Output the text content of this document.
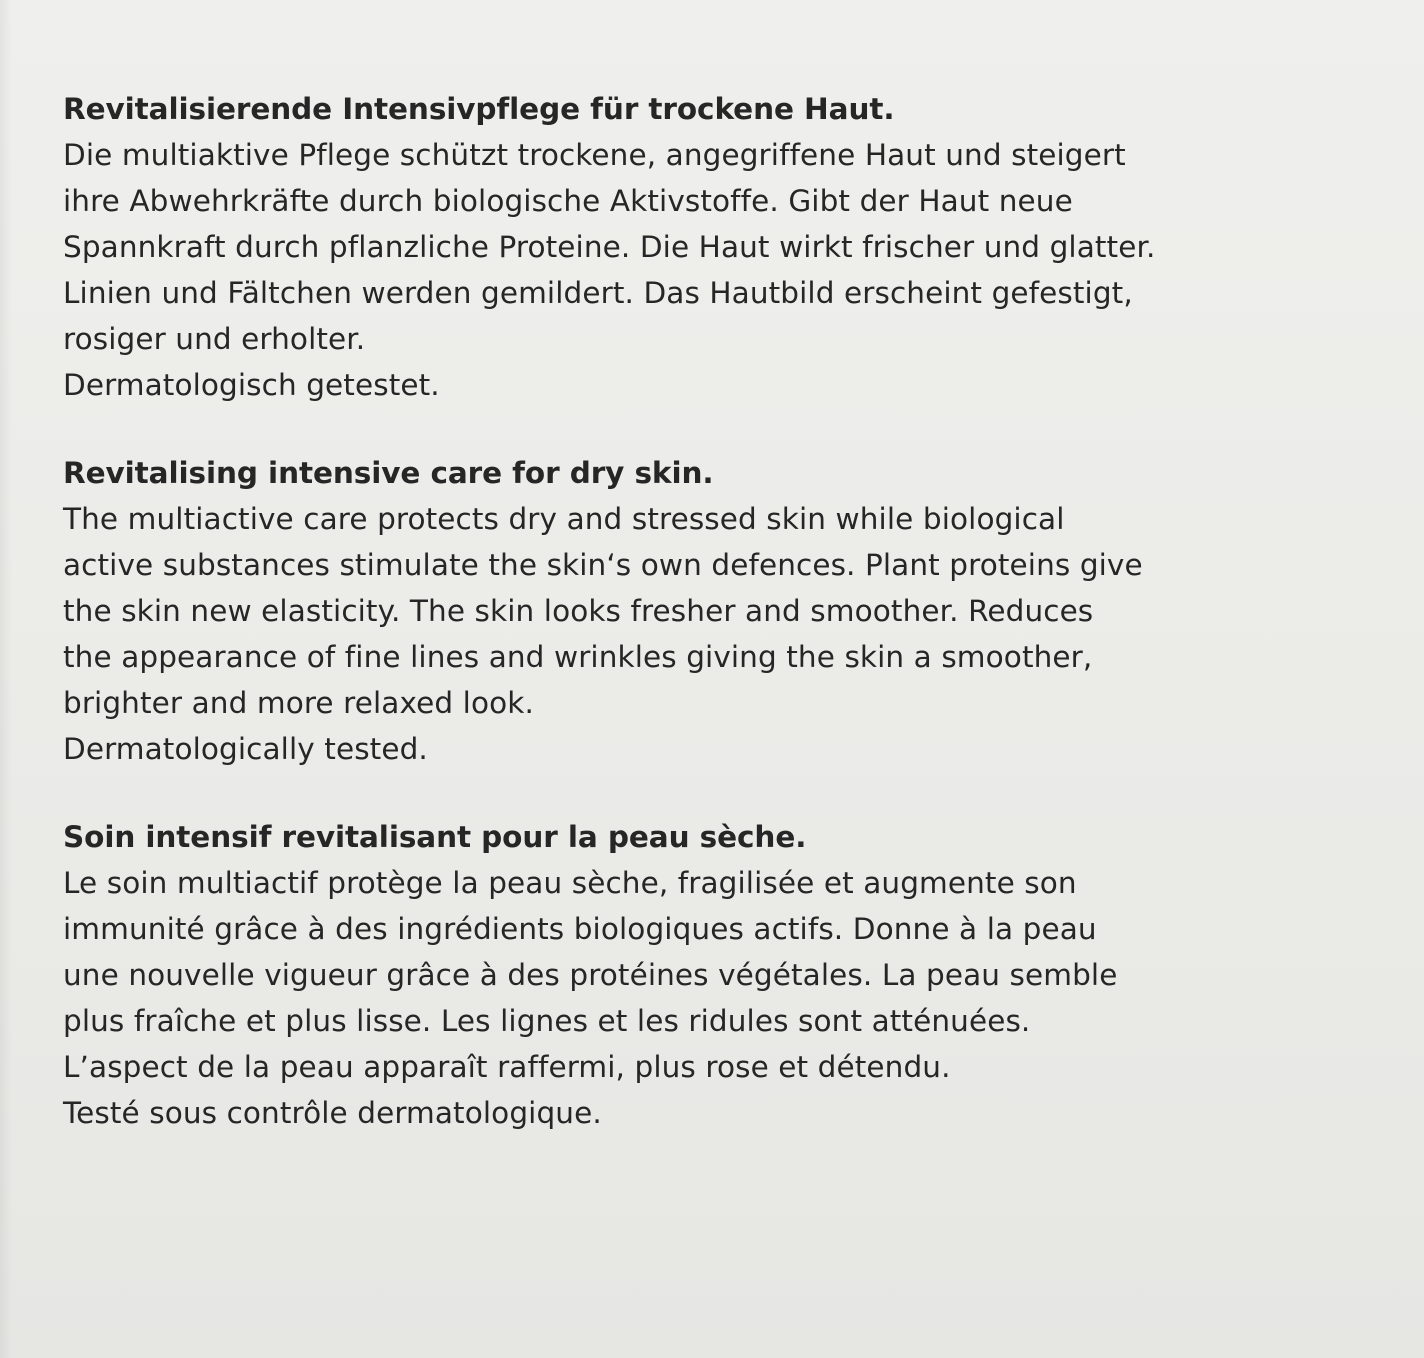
Revitalisierende Intensivpflege für trockene Haut.

Die multiaktive Pflege schützt trockene, angegriffene Haut und steigert

ihre Abwehrkräfte durch biologische Aktivstoffe. Gibt der Haut neue

Spannkraft durch pflanzliche Proteine. Die Haut wirkt frischer und glatter.

Linien und Fältchen werden gemildert. Das Hautbild erscheint gefestigt,

rosiger und erholter.

Dermatologisch getestet.

Revitalising intensive care for dry skin.

The multiactive care protects dry and stressed skin while biological

active substances stimulate the skin‘s own defences. Plant proteins give

the skin new elasticity. The skin looks fresher and smoother. Reduces

the appearance of fine lines and wrinkles giving the skin a smoother,

brighter and more relaxed look.

Dermatologically tested.

Soin intensif revitalisant pour la peau sèche.

Le soin multiactif protège la peau sèche, fragilisée et augmente son

immunité grâce à des ingrédients biologiques actifs. Donne à la peau

une nouvelle vigueur grâce à des protéines végétales. La peau semble

plus fraîche et plus lisse. Les lignes et les ridules sont atténuées.

L’aspect de la peau apparaît raffermi, plus rose et détendu.

Testé sous contrôle dermatologique.
